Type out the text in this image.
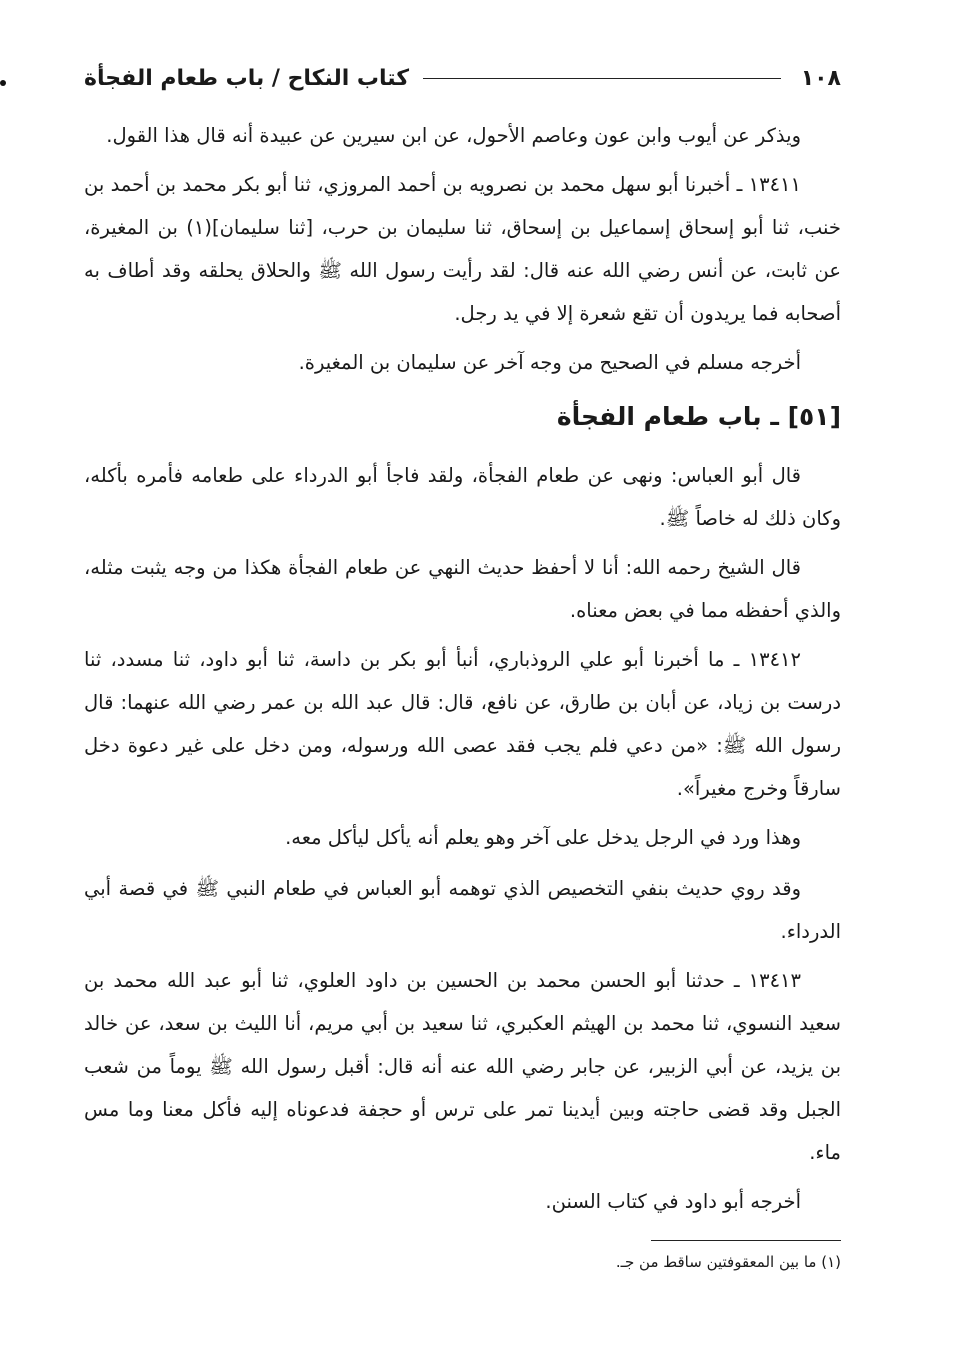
١٠٨
كتاب النكاح / باب طعام الفجأة

ويذكر عن أيوب وابن عون وعاصم الأحول، عن ابن سيرين عن عبيدة أنه قال هذا القول.

١٣٤١١ ـ أخبرنا أبو سهل محمد بن نصرويه بن أحمد المروزي، ثنا أبو بكر محمد بن أحمد بن خنب، ثنا أبو إسحاق إسماعيل بن إسحاق، ثنا سليمان بن حرب، [ثنا سليمان](١) بن المغيرة، عن ثابت، عن أنس رضي الله عنه قال: لقد رأيت رسول الله ﷺ والحلاق يحلقه وقد أطاف به أصحابه فما يريدون أن تقع شعرة إلا في يد رجل.

أخرجه مسلم في الصحيح من وجه آخر عن سليمان بن المغيرة.

[٥١] ـ باب طعام الفجأة

قال أبو العباس: ونهى عن طعام الفجأة، ولقد فاجأ أبو الدرداء على طعامه فأمره بأكله، وكان ذلك له خاصاً ﷺ.

قال الشيخ رحمه الله: أنا لا أحفظ حديث النهي عن طعام الفجأة هكذا من وجه يثبت مثله، والذي أحفظه مما في بعض معناه.

١٣٤١٢ ـ ما أخبرنا أبو علي الروذباري، أنبأ أبو بكر بن داسة، ثنا أبو داود، ثنا مسدد، ثنا درست بن زياد، عن أبان بن طارق، عن نافع، قال: قال عبد الله بن عمر رضي الله عنهما: قال رسول الله ﷺ: «من دعي فلم يجب فقد عصى الله ورسوله، ومن دخل على غير دعوة دخل سارقاً وخرج مغيراً».

وهذا ورد في الرجل يدخل على آخر وهو يعلم أنه يأكل ليأكل معه.

وقد روي حديث بنفي التخصيص الذي توهمه أبو العباس في طعام النبي ﷺ في قصة أبي الدرداء.

١٣٤١٣ ـ حدثنا أبو الحسن محمد بن الحسين بن داود العلوي، ثنا أبو عبد الله محمد بن سعيد النسوي، ثنا محمد بن الهيثم العكبري، ثنا سعيد بن أبي مريم، أنا الليث بن سعد، عن خالد بن يزيد، عن أبي الزبير، عن جابر رضي الله عنه أنه قال: أقبل رسول الله ﷺ يوماً من شعب الجبل وقد قضى حاجته وبين أيدينا تمر على ترس أو حجفة فدعوناه إليه فأكل معنا وما مس ماء.

أخرجه أبو داود في كتاب السنن.

(١) ما بين المعقوفتين ساقط من جـ.
